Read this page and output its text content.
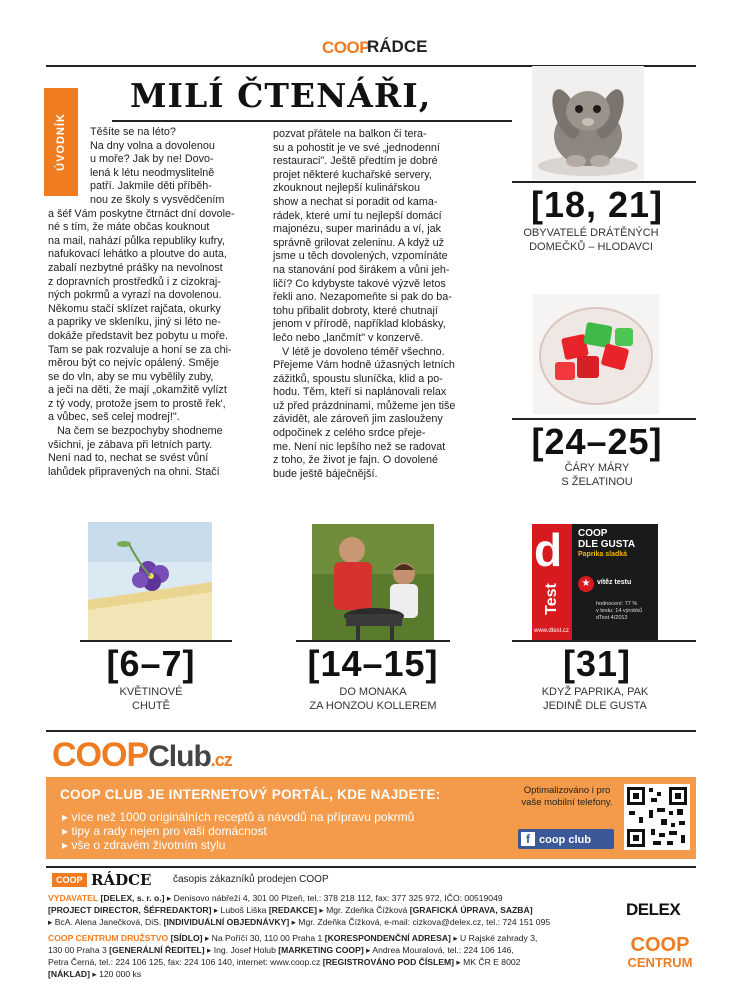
COOP
RÁDCE
ÚVODNÍK
MILÍ ČTENÁŘI,

Těšíte se na léto?
Na dny volna a dovolenou
u moře? Jak by ne! Dovo-
lená k létu neodmyslitelně
patří. Jakmile děti příběh-
nou ze školy s vysvědčením
a šéf Vám poskytne čtrnáct dní dovole-
né s tím, že máte občas kouknout
na mail, nahází půlka republiky kufry,
nafukovací lehátko a ploutve do auta,
zabalí nezbytné prášky na nevolnost
z dopravních prostředků i z cizokraj-
ných pokrmů a vyrazí na dovolenou.
Někomu stačí sklízet rajčata, okurky
a papriky ve skleníku, jiný si léto ne-
dokáže představit bez pobytu u moře.
Tam se pak rozvaluje a honí se za chi-
měrou být co nejvíc opálený. Směje
se do vln, aby se mu vybělily zuby,
a ječi na děti, že mají „okamžitě vylízt
z tý vody, protože jsem to prostě řek',
a vůbec, seš celej modrej!".
Na čem se bezpochyby shodneme
všichni, je zábava při letních party.
Není nad to, nechat se svést vůní
lahůdek připravených na ohni. Stačí

pozvat přátele na balkon či tera-
su a pohostit je ve své „jednodenní
restauraci". Ještě předtím je dobré
projet některé kuchařské servery,
zkouknout nejlepší kulinářskou
show a nechat si poradit od kama-
rádek, které umí tu nejlepší domácí
majonézu, super marinádu a ví, jak
správně grilovat zeleninu. A když už
jsme u těch dovolených, vzpomínáte
na stanování pod širákem a vůni jeh-
ličí? Co kdybyste takové výzvě letos
řekli ano. Nezapomeňte si pak do ba-
tohu přibalit dobroty, které chutnají
jenom v přírodě, například klobásky,
lečo nebo „lančmít" v konzervě.
V létě je dovoleno téměř všechno.
Přejeme Vám hodně úžasných letních
zážitků, spoustu sluníčka, klid a po-
hodu. Těm, kteří si naplánovali relax
už před prázdninami, můžeme jen tiše
závidět, ale zároveň jim zaslouženy
odpočinek z celého srdce přeje-
me. Není nic lepšího než se radovat
z toho, že život je fajn. O dovolené
bude ještě báječnější.

[18, 21]
OBYVATELÉ DRÁTĚNÝCH
DOMEČKŮ – HLODAVCI
[24–25]
ČÁRY MÁRY
S ŽELATINOU
[6–7]
KVĚTINOVÉ
CHUTĚ
[14–15]
DO MONAKA
ZA HONZOU KOLLEREM
d
Test
www.dtest.cz
COOP
DLE GUSTA
Paprika sladká
★ vítěz testu
hodnocení: 77 %
v testu: 14 výrobků
dTest 4/2013
[31]
KDYŽ PAPRIKA, PAK
JEDINĚ DLE GUSTA
COOPClub.cz
COOP CLUB JE INTERNETOVÝ PORTÁL, KDE NAJDETE:
▸ více než 1000 originálních receptů a návodů na přípravu pokrmů
▸ tipy a rady nejen pro vaši domácnost
▸ vše o zdravém životním stylu
Optimalizováno i pro vaše mobilní telefony.
f coop club
COOP RÁDCE časopis zákazníků prodejen COOP
VYDAVATEL [DELEX, s. r. o.] ▸ Denisovo nábřeží 4, 301 00 Plzeň, tel.: 378 218 112, fax: 377 325 972, IČO: 00519049
[PROJECT DIRECTOR, ŠÉFREDAKTOR] ▸ Luboš Liška [REDAKCE] ▸ Mgr. Zdeňka Čížková [GRAFICKÁ ÚPRAVA, SAZBA]
▸ BcA. Alena Janečková, DiS. [INDIVIDUÁLNÍ OBJEDNÁVKY] ▸ Mgr. Zdeňka Čížková, e-mail: cizkova@delex.cz, tel.: 724 151 095
COOP CENTRUM DRUŽSTVO [SÍDLO] ▸ Na Poříčí 30, 110 00 Praha 1 [KORESPONDENČNÍ ADRESA] ▸ U Rajské zahrady 3,
130 00 Praha 3 [GENERÁLNÍ ŘEDITEL] ▸ Ing. Josef Holub [MARKETING COOP] ▸ Andrea Mouralová, tel.: 224 106 146,
Petra Černá, tel.: 224 106 125, fax: 224 106 140, internet: www.coop.cz [REGISTROVÁNO POD ČÍSLEM] ▸ MK ČR E 8002
[NÁKLAD] ▸ 120 000 ks
DELEX
COOP
CENTRUM
